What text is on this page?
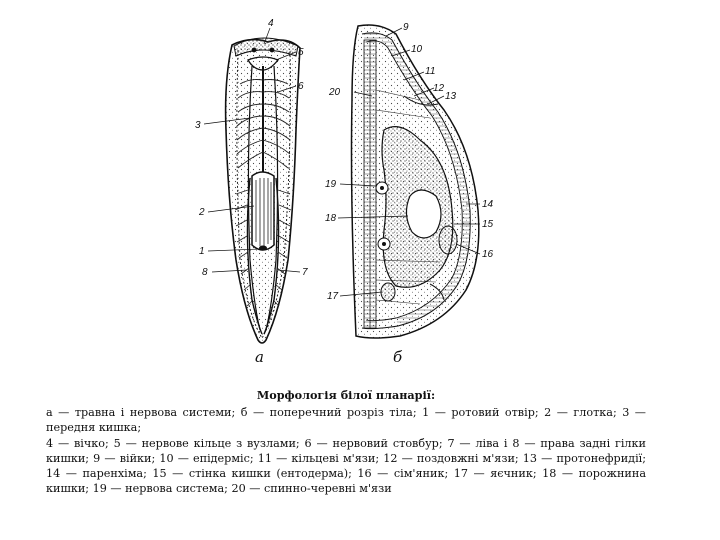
1
2
3
4
5
6
7
8
9
10
11
12
13
14
15
16
17
18
19
20
а	б
Морфологія білої планарії:

а — травна і нервова системи; б — поперечний розріз тіла; 1 — ротовий отвір; 2 — глотка; 3 — передня кишка;

4 — вічко; 5 — нервове кільце з вузлами; 6 — нервовий стовбур; 7 — ліва і 8 — права задні гілки кишки; 9 — війки; 10 — епідерміс; 11 — кільцеві м'язи; 12 — поздовжні м'язи; 13 — протонефридії; 14 — паренхіма; 15 — стінка кишки (ентодерма); 16 — сім'яник; 17 — яєчник; 18 — порожнина кишки; 19 — нервова система; 20 — спинно-черевні м'язи
